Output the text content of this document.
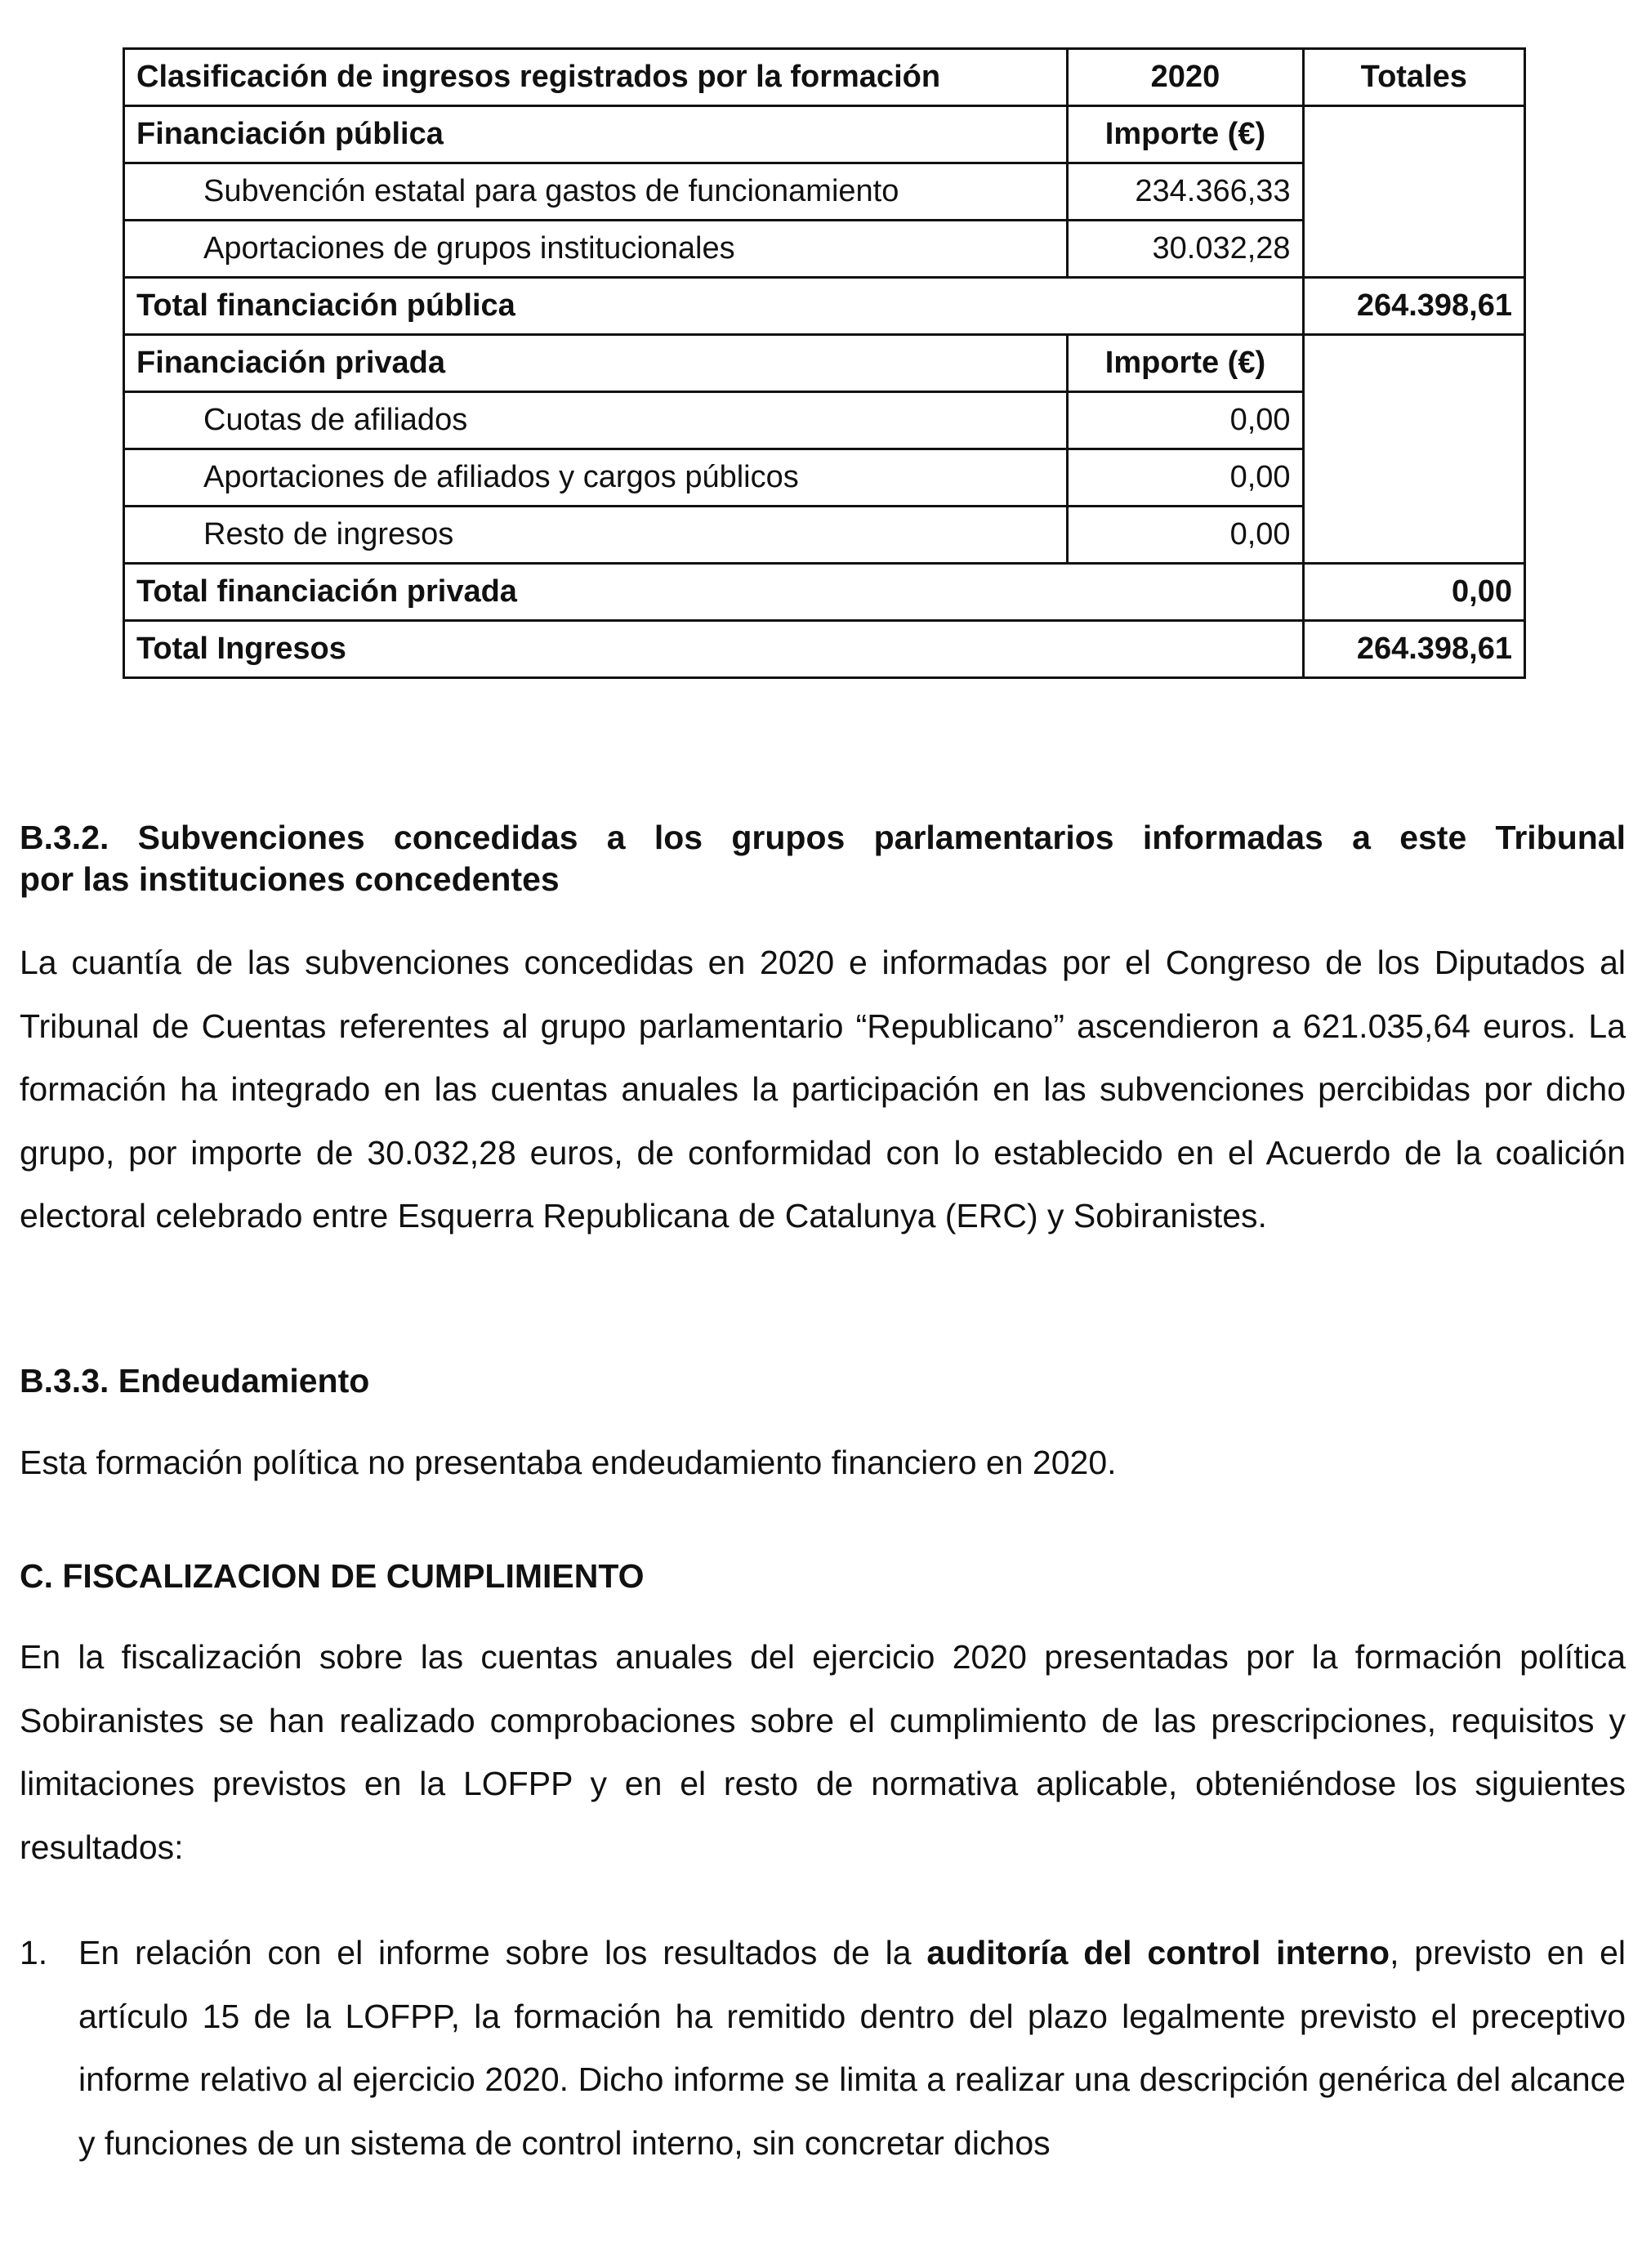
Clasificación de ingresos registrados por la formación	2020	Totales
Financiación pública	Importe (€)	
Subvención estatal para gastos de funcionamiento	234.366,33	
Aportaciones de grupos institucionales	30.032,28	
Total financiación pública		264.398,61
Financiación privada	Importe (€)	
Cuotas de afiliados	0,00	
Aportaciones de afiliados y cargos públicos	0,00	
Resto de ingresos	0,00	
Total financiación privada		0,00
Total Ingresos		264.398,61
B.3.2. Subvenciones concedidas a los grupos parlamentarios informadas a este Tribunal
por las instituciones concedentes
La cuantía de las subvenciones concedidas en 2020 e informadas por el Congreso de los Diputados al Tribunal de Cuentas referentes al grupo parlamentario “Republicano” ascendieron a 621.035,64 euros. La formación ha integrado en las cuentas anuales la participación en las subvenciones percibidas por dicho grupo, por importe de 30.032,28 euros, de conformidad con lo establecido en el Acuerdo de la coalición electoral celebrado entre Esquerra Republicana de Catalunya (ERC) y Sobiranistes.
B.3.3. Endeudamiento
Esta formación política no presentaba endeudamiento financiero en 2020.
C. FISCALIZACION DE CUMPLIMIENTO
En la fiscalización sobre las cuentas anuales del ejercicio 2020 presentadas por la formación política Sobiranistes se han realizado comprobaciones sobre el cumplimiento de las prescripciones, requisitos y limitaciones previstos en la LOFPP y en el resto de normativa aplicable, obteniéndose los siguientes resultados:
1. En relación con el informe sobre los resultados de la auditoría del control interno, previsto en el artículo 15 de la LOFPP, la formación ha remitido dentro del plazo legalmente previsto el preceptivo informe relativo al ejercicio 2020. Dicho informe se limita a realizar una descripción genérica del alcance y funciones de un sistema de control interno, sin concretar dichos
